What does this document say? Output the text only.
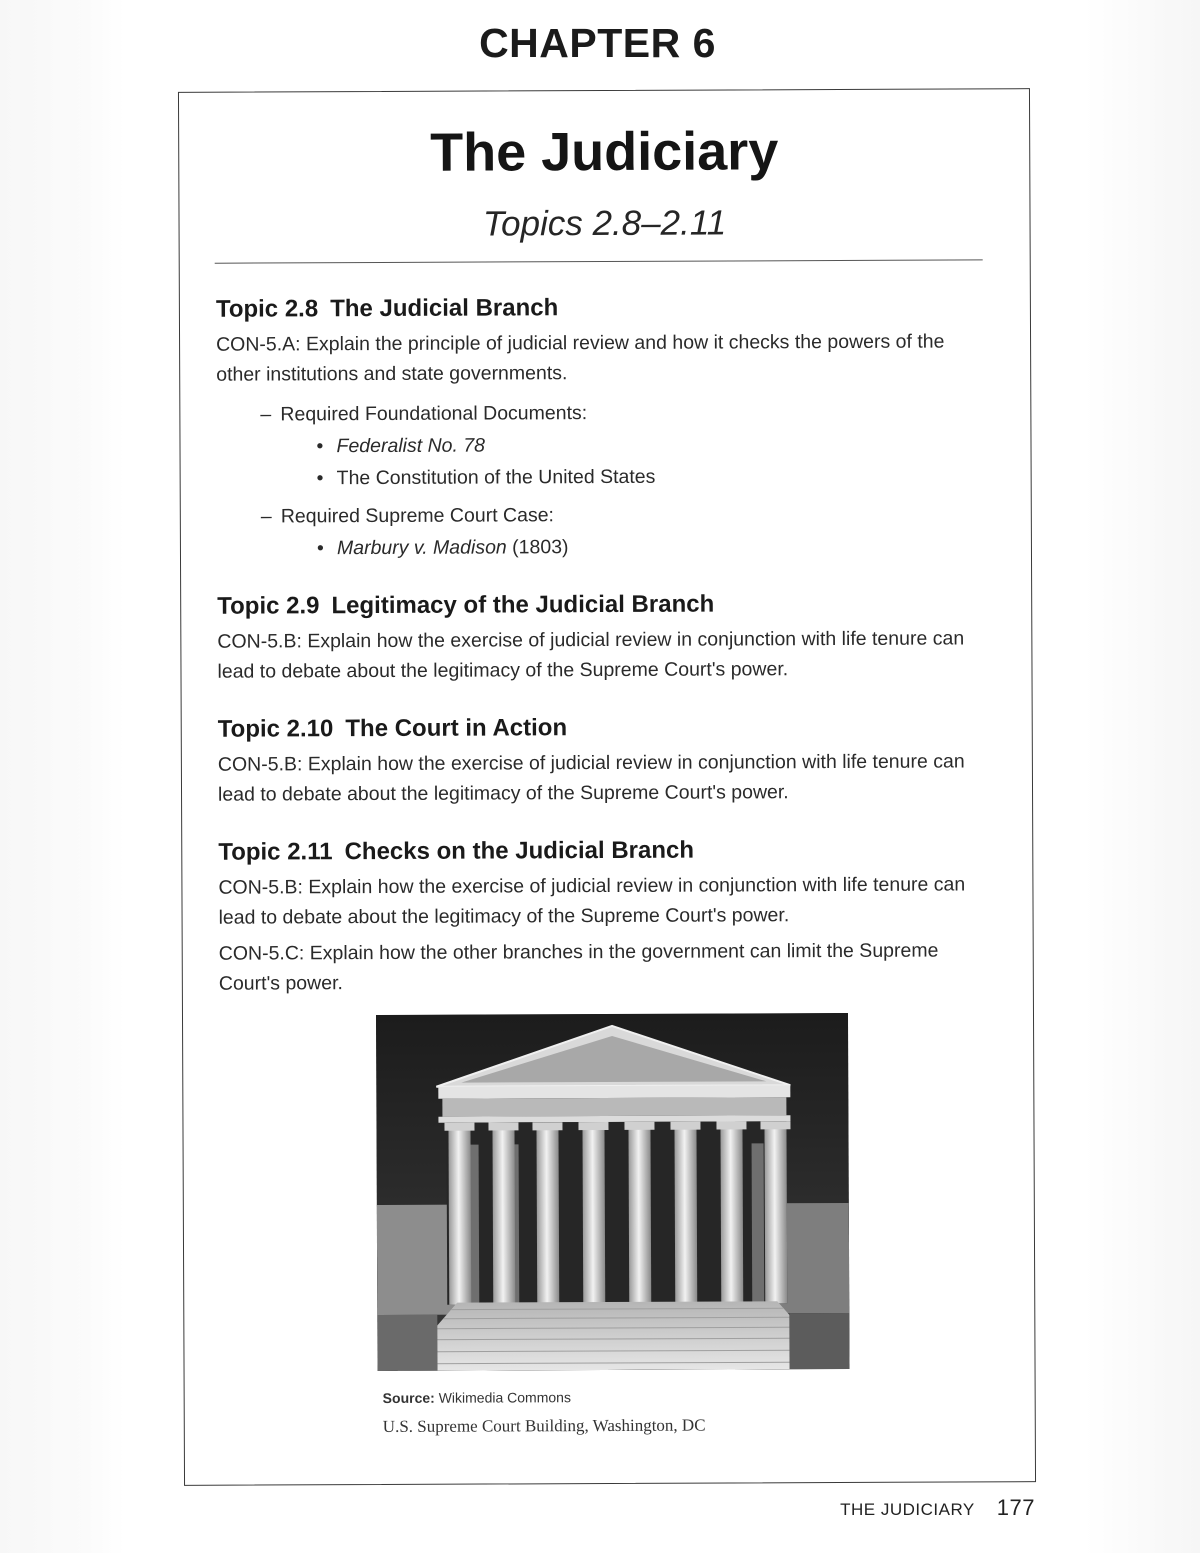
CHAPTER 6
The Judiciary
Topics 2.8–2.11
Topic 2.8 The Judicial Branch

CON-5.A: Explain the principle of judicial review and how it checks the powers of the other institutions and state governments.

– Required Foundational Documents:
• Federalist No. 78
• The Constitution of the United States
– Required Supreme Court Case:
• Marbury v. Madison (1803)
Topic 2.9 Legitimacy of the Judicial Branch

CON-5.B: Explain how the exercise of judicial review in conjunction with life tenure can lead to debate about the legitimacy of the Supreme Court's power.

Topic 2.10 The Court in Action

CON-5.B: Explain how the exercise of judicial review in conjunction with life tenure can lead to debate about the legitimacy of the Supreme Court's power.

Topic 2.11 Checks on the Judicial Branch

CON-5.B: Explain how the exercise of judicial review in conjunction with life tenure can lead to debate about the legitimacy of the Supreme Court's power.

CON-5.C: Explain how the other branches in the government can limit the Supreme Court's power.

Source: Wikimedia Commons
U.S. Supreme Court Building, Washington, DC
THE JUDICIARY 177
